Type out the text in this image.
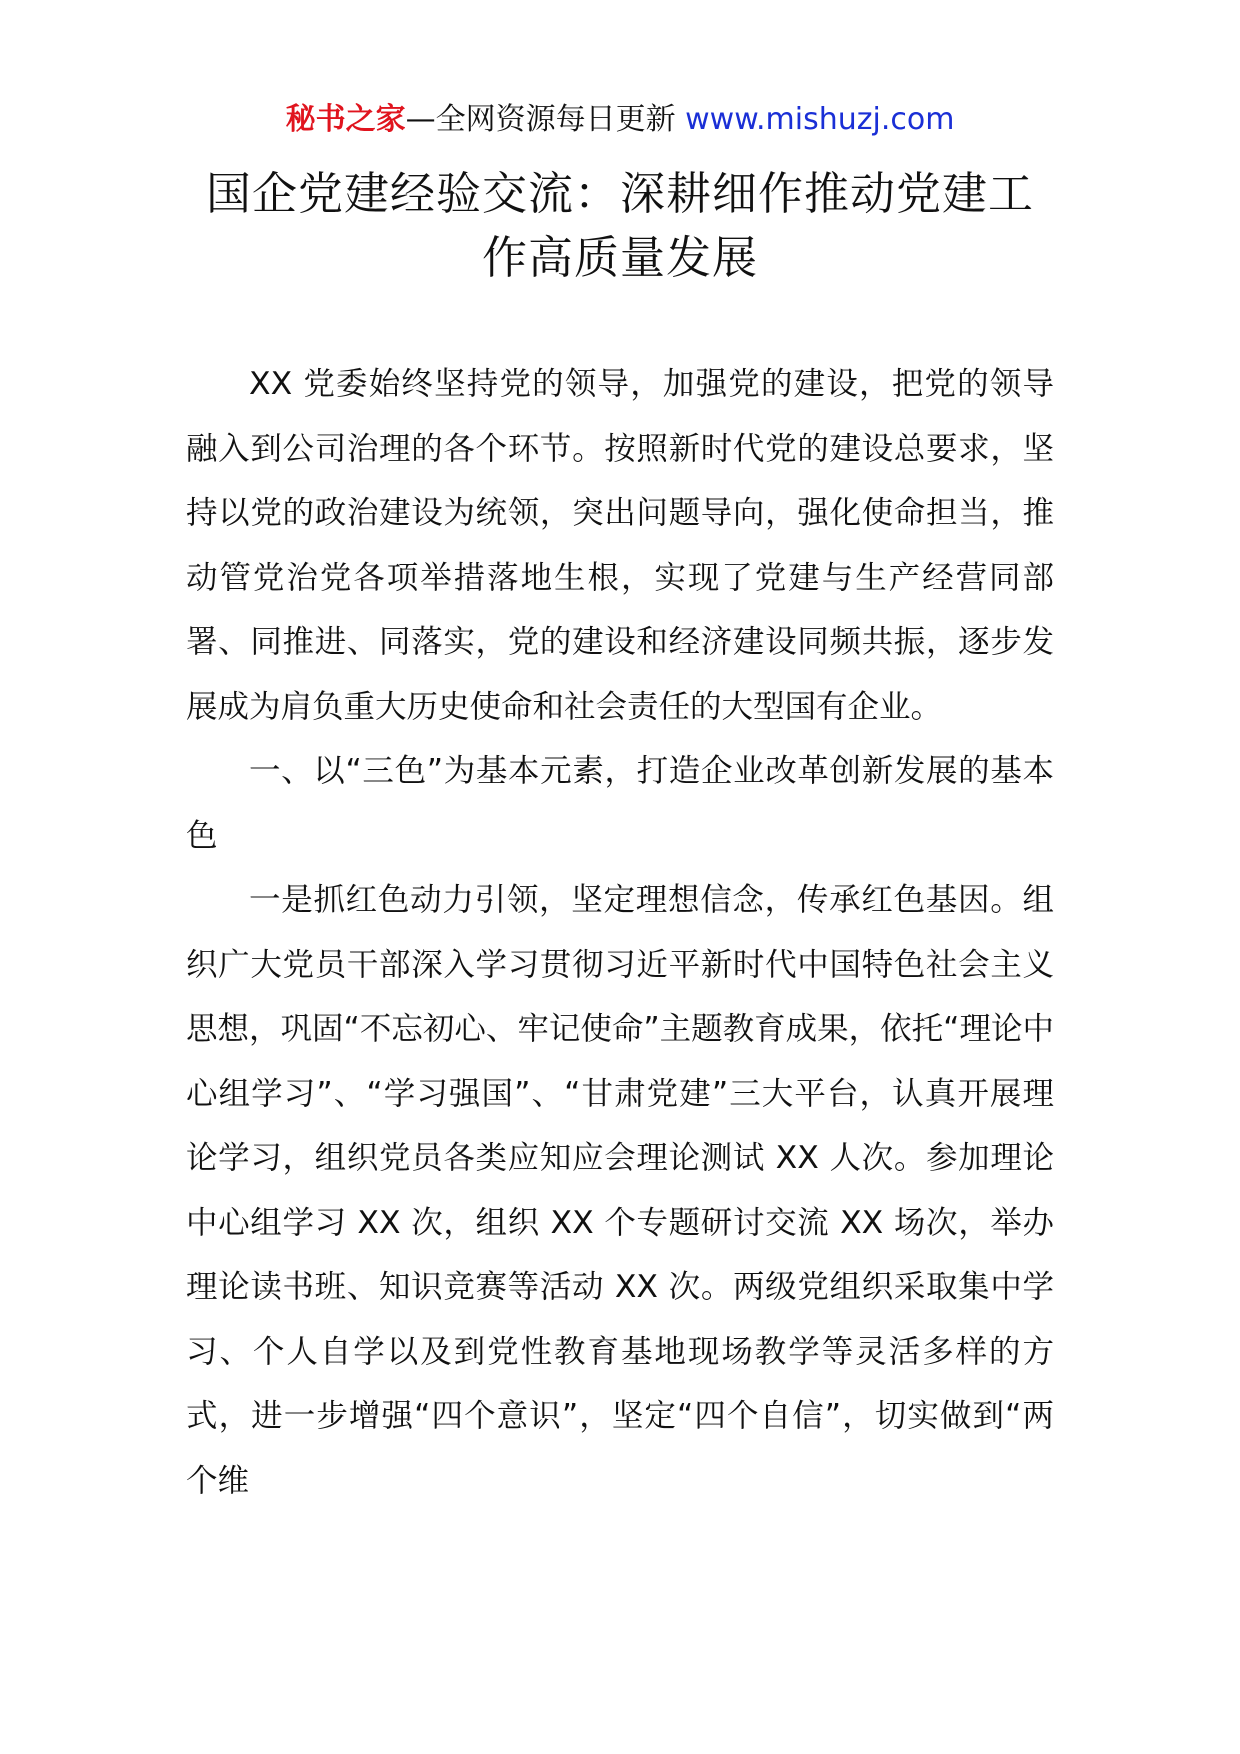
秘书之家—全网资源每日更新 www.mishuzj.com
国企党建经验交流：深耕细作推动党建工作高质量发展

XX 党委始终坚持党的领导，加强党的建设，把党的领导融入到公司治理的各个环节。按照新时代党的建设总要求，坚持以党的政治建设为统领，突出问题导向，强化使命担当，推动管党治党各项举措落地生根，实现了党建与生产经营同部署、同推进、同落实，党的建设和经济建设同频共振，逐步发展成为肩负重大历史使命和社会责任的大型国有企业。

一、以“三色”为基本元素，打造企业改革创新发展的基本色

一是抓红色动力引领，坚定理想信念，传承红色基因。组织广大党员干部深入学习贯彻习近平新时代中国特色社会主义思想，巩固“不忘初心、牢记使命”主题教育成果，依托“理论中心组学习”、“学习强国”、“甘肃党建”三大平台，认真开展理论学习，组织党员各类应知应会理论测试 XX 人次。参加理论中心组学习 XX 次，组织 XX 个专题研讨交流 XX 场次，举办理论读书班、知识竞赛等活动 XX 次。两级党组织采取集中学习、个人自学以及到党性教育基地现场教学等灵活多样的方式，进一步增强“四个意识”，坚定“四个自信”，切实做到“两个维
